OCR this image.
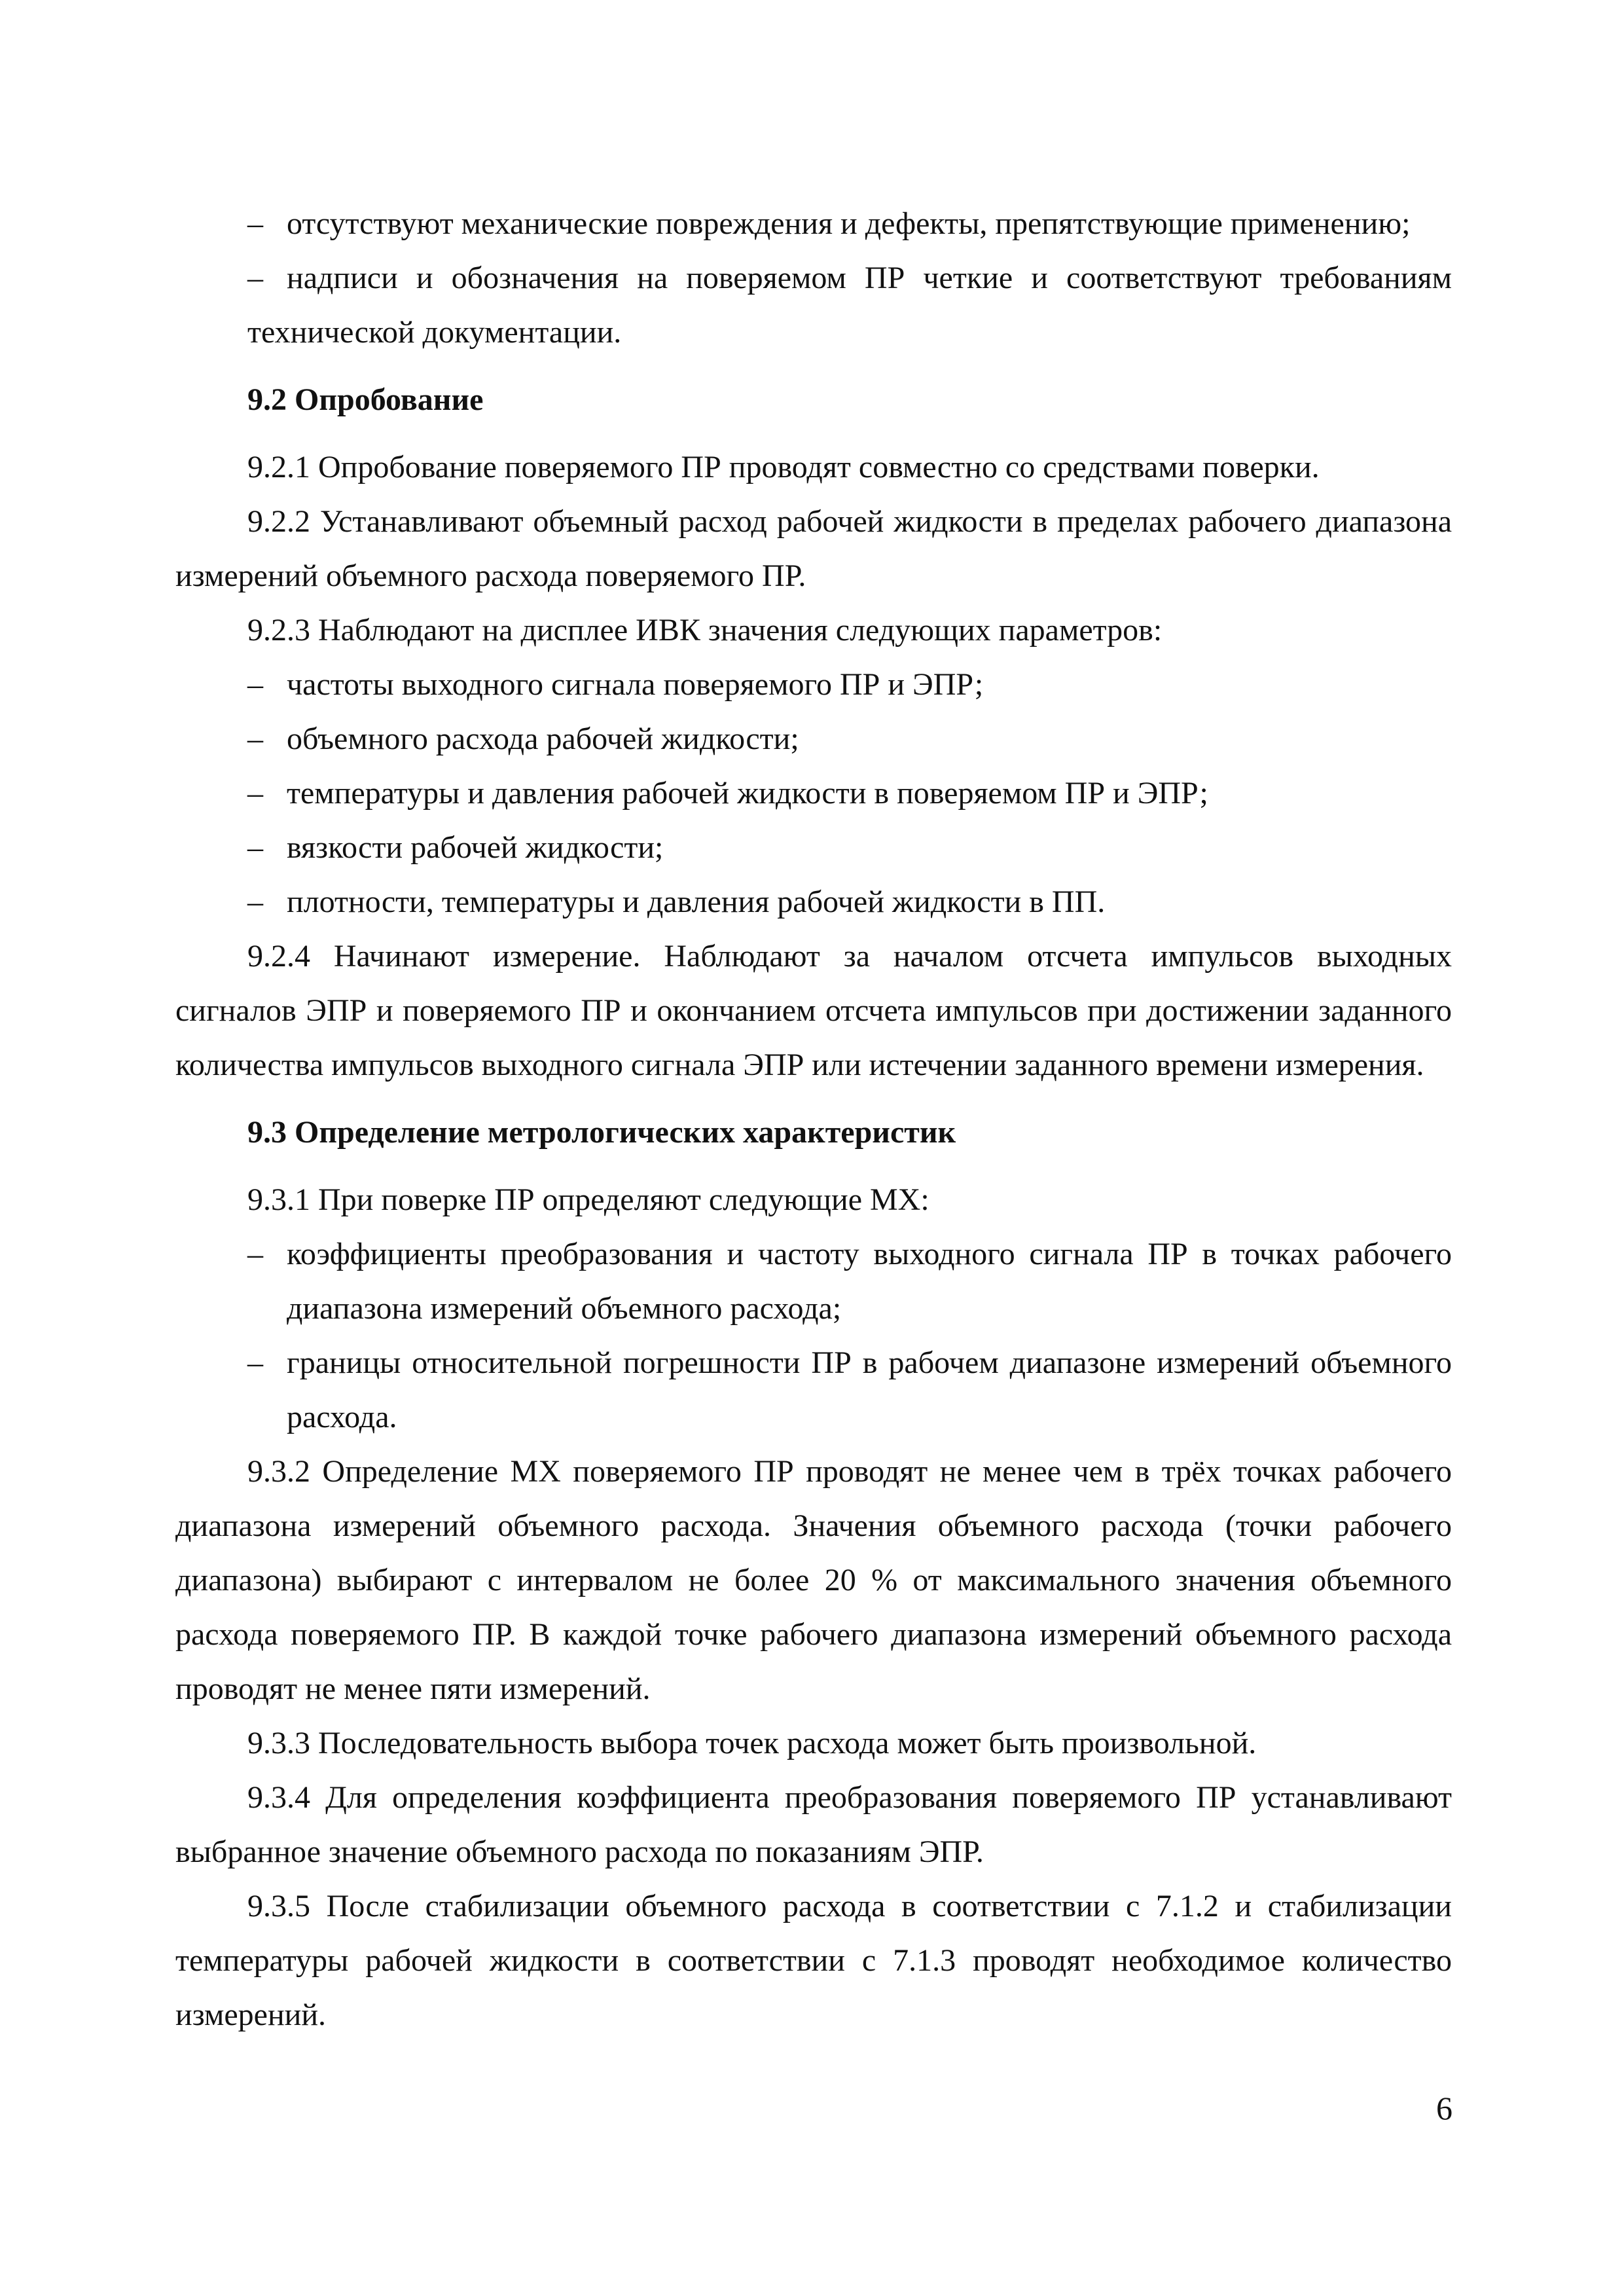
– отсутствуют механические повреждения и дефекты, препятствующие применению;

– надписи и обозначения на поверяемом ПР четкие и соответствуют требованиям технической документации.

9.2 Опробование

9.2.1 Опробование поверяемого ПР проводят совместно со средствами поверки.

9.2.2 Устанавливают объемный расход рабочей жидкости в пределах рабочего диапазона измерений объемного расхода поверяемого ПР.

9.2.3 Наблюдают на дисплее ИВК значения следующих параметров:

– частоты выходного сигнала поверяемого ПР и ЭПР;

– объемного расхода рабочей жидкости;

– температуры и давления рабочей жидкости в поверяемом ПР и ЭПР;

– вязкости рабочей жидкости;

– плотности, температуры и давления рабочей жидкости в ПП.

9.2.4 Начинают измерение. Наблюдают за началом отсчета импульсов выходных сигналов ЭПР и поверяемого ПР и окончанием отсчета импульсов при достижении заданного количества импульсов выходного сигнала ЭПР или истечении заданного времени измерения.

9.3 Определение метрологических характеристик

9.3.1 При поверке ПР определяют следующие МХ:

– коэффициенты преобразования и частоту выходного сигнала ПР в точках рабочего диапазона измерений объемного расхода;

– границы относительной погрешности ПР в рабочем диапазоне измерений объемного расхода.

9.3.2 Определение МХ поверяемого ПР проводят не менее чем в трёх точках рабочего диапазона измерений объемного расхода. Значения объемного расхода (точки рабочего диапазона) выбирают с интервалом не более 20 % от максимального значения объемного расхода поверяемого ПР. В каждой точке рабочего диапазона измерений объемного расхода проводят не менее пяти измерений.

9.3.3 Последовательность выбора точек расхода может быть произвольной.

9.3.4 Для определения коэффициента преобразования поверяемого ПР устанавливают выбранное значение объемного расхода по показаниям ЭПР.

9.3.5 После стабилизации объемного расхода в соответствии с 7.1.2 и стабилизации температуры рабочей жидкости в соответствии с 7.1.3 проводят необходимое количество измерений.

6
